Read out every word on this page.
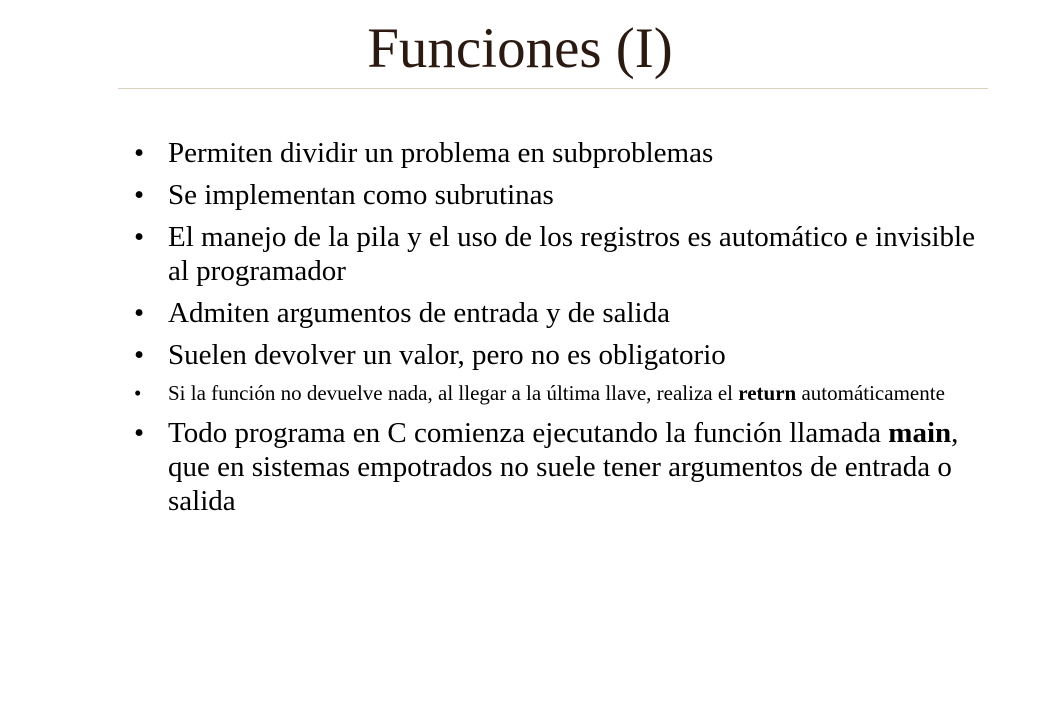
Funciones (I)
• Permiten dividir un problema en subproblemas
• Se implementan como subrutinas
• El manejo de la pila y el uso de los registros es automático e invisible al programador
• Admiten argumentos de entrada y de salida
• Suelen devolver un valor, pero no es obligatorio
• Si la función no devuelve nada, al llegar a la última llave, realiza el return automáticamente
• Todo programa en C comienza ejecutando la función llamada main, que en sistemas empotrados no suele tener argumentos de entrada o salida
